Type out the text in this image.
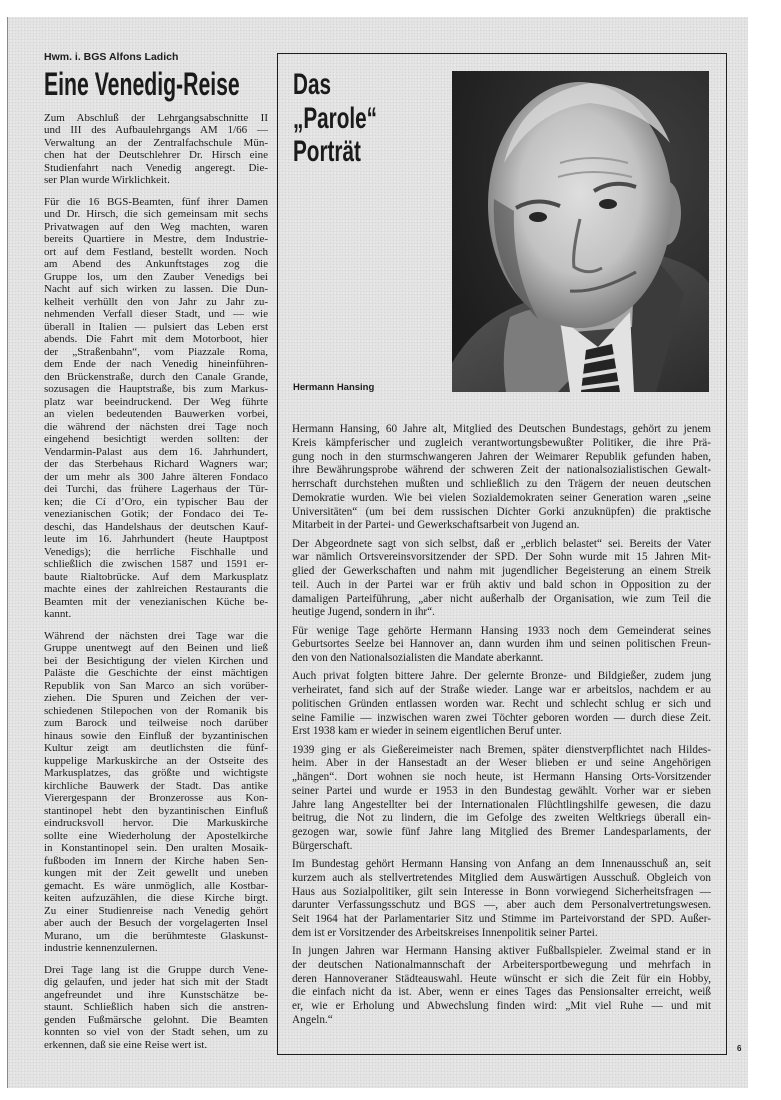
Hwm. i. BGS Alfons Ladich
Eine Venedig-Reise
Zum Abschluß der Lehrgangsabschnitte II
und III des Aufbaulehrgangs AM 1/66 —
Verwaltung an der Zentralfachschule Mün-
chen hat der Deutschlehrer Dr. Hirsch eine
Studienfahrt nach Venedig angeregt. Die-
ser Plan wurde Wirklichkeit.
Für die 16 BGS-Beamten, fünf ihrer Damen
und Dr. Hirsch, die sich gemeinsam mit sechs
Privatwagen auf den Weg machten, waren
bereits Quartiere in Mestre, dem Industrie-
ort auf dem Festland, bestellt worden. Noch
am Abend des Ankunftstages zog die
Gruppe los, um den Zauber Venedigs bei
Nacht auf sich wirken zu lassen. Die Dun-
kelheit verhüllt den von Jahr zu Jahr zu-
nehmenden Verfall dieser Stadt, und — wie
überall in Italien — pulsiert das Leben erst
abends. Die Fahrt mit dem Motorboot, hier
der „Straßenbahn“, vom Piazzale Roma,
dem Ende der nach Venedig hineinführen-
den Brückenstraße, durch den Canale Grande,
sozusagen die Hauptstraße, bis zum Markus-
platz war beeindruckend. Der Weg führte
an vielen bedeutenden Bauwerken vorbei,
die während der nächsten drei Tage noch
eingehend besichtigt werden sollten: der
Vendarmin-Palast aus dem 16. Jahrhundert,
der das Sterbehaus Richard Wagners war;
der um mehr als 300 Jahre älteren Fondaco
dei Turchi, das frühere Lagerhaus der Tür-
ken; die Cí d’Oro, ein typischer Bau der
venezianischen Gotik; der Fondaco dei Te-
deschi, das Handelshaus der deutschen Kauf-
leute im 16. Jahrhundert (heute Hauptpost
Venedigs); die herrliche Fischhalle und
schließlich die zwischen 1587 und 1591 er-
baute Rialtobrücke. Auf dem Markusplatz
machte eines der zahlreichen Restaurants die
Beamten mit der venezianischen Küche be-
kannt.
Während der nächsten drei Tage war die
Gruppe unentwegt auf den Beinen und ließ
bei der Besichtigung der vielen Kirchen und
Paläste die Geschichte der einst mächtigen
Republik von San Marco an sich vorüber-
ziehen. Die Spuren und Zeichen der ver-
schiedenen Stilepochen von der Romanik bis
zum Barock und teilweise noch darüber
hinaus sowie den Einfluß der byzantinischen
Kultur zeigt am deutlichsten die fünf-
kuppelige Markuskirche an der Ostseite des
Markusplatzes, das größte und wichtigste
kirchliche Bauwerk der Stadt. Das antike
Vierergespann der Bronzerosse aus Kon-
stantinopel hebt den byzantinischen Einfluß
eindrucksvoll hervor. Die Markuskirche
sollte eine Wiederholung der Apostelkirche
in Konstantinopel sein. Den uralten Mosaik-
fußboden im Innern der Kirche haben Sen-
kungen mit der Zeit gewellt und uneben
gemacht. Es wäre unmöglich, alle Kostbar-
keiten aufzuzählen, die diese Kirche birgt.
Zu einer Studienreise nach Venedig gehört
aber auch der Besuch der vorgelagerten Insel
Murano, um die berühmteste Glaskunst-
industrie kennenzulernen.
Drei Tage lang ist die Gruppe durch Vene-
dig gelaufen, und jeder hat sich mit der Stadt
angefreundet und ihre Kunstschätze be-
staunt. Schließlich haben sich die anstren-
genden Fußmärsche gelohnt. Die Beamten
konnten so viel von der Stadt sehen, um zu
erkennen, daß sie eine Reise wert ist.
Das
„Parole“
Porträt
Hermann Hansing
Hermann Hansing, 60 Jahre alt, Mitglied des Deutschen Bundestags, gehört zu jenem
Kreis kämpferischer und zugleich verantwortungsbewußter Politiker, die ihre Prä-
gung noch in den sturmschwangeren Jahren der Weimarer Republik gefunden haben,
ihre Bewährungsprobe während der schweren Zeit der nationalsozialistischen Gewalt-
herrschaft durchstehen mußten und schließlich zu den Trägern der neuen deutschen
Demokratie wurden. Wie bei vielen Sozialdemokraten seiner Generation waren „seine
Universitäten“ (um bei dem russischen Dichter Gorki anzuknüpfen) die praktische
Mitarbeit in der Partei- und Gewerkschaftsarbeit von Jugend an.
Der Abgeordnete sagt von sich selbst, daß er „erblich belastet“ sei. Bereits der Vater
war nämlich Ortsvereinsvorsitzender der SPD. Der Sohn wurde mit 15 Jahren Mit-
glied der Gewerkschaften und nahm mit jugendlicher Begeisterung an einem Streik
teil. Auch in der Partei war er früh aktiv und bald schon in Opposition zu der
damaligen Parteiführung, „aber nicht außerhalb der Organisation, wie zum Teil die
heutige Jugend, sondern in ihr“.
Für wenige Tage gehörte Hermann Hansing 1933 noch dem Gemeinderat seines
Geburtsortes Seelze bei Hannover an, dann wurden ihm und seinen politischen Freun-
den von den Nationalsozialisten die Mandate aberkannt.
Auch privat folgten bittere Jahre. Der gelernte Bronze- und Bildgießer, zudem jung
verheiratet, fand sich auf der Straße wieder. Lange war er arbeitslos, nachdem er au
politischen Gründen entlassen worden war. Recht und schlecht schlug er sich und
seine Familie — inzwischen waren zwei Töchter geboren worden — durch diese Zeit.
Erst 1938 kam er wieder in seinem eigentlichen Beruf unter.
1939 ging er als Gießereimeister nach Bremen, später dienstverpflichtet nach Hildes-
heim. Aber in der Hansestadt an der Weser blieben er und seine Angehörigen
„hängen“. Dort wohnen sie noch heute, ist Hermann Hansing Orts-Vorsitzender
seiner Partei und wurde er 1953 in den Bundestag gewählt. Vorher war er sieben
Jahre lang Angestellter bei der Internationalen Flüchtlingshilfe gewesen, die dazu
beitrug, die Not zu lindern, die im Gefolge des zweiten Weltkriegs überall ein-
gezogen war, sowie fünf Jahre lang Mitglied des Bremer Landesparlaments, der
Bürgerschaft.
Im Bundestag gehört Hermann Hansing von Anfang an dem Innenausschuß an, seit
kurzem auch als stellvertretendes Mitglied dem Auswärtigen Ausschuß. Obgleich von
Haus aus Sozialpolitiker, gilt sein Interesse in Bonn vorwiegend Sicherheitsfragen —
darunter Verfassungsschutz und BGS —, aber auch dem Personalvertretungswesen.
Seit 1964 hat der Parlamentarier Sitz und Stimme im Parteivorstand der SPD. Außer-
dem ist er Vorsitzender des Arbeitskreises Innenpolitik seiner Partei.
In jungen Jahren war Hermann Hansing aktiver Fußballspieler. Zweimal stand er in
der deutschen Nationalmannschaft der Arbeitersportbewegung und mehrfach in
deren Hannoveraner Städteauswahl. Heute wünscht er sich die Zeit für ein Hobby,
die einfach nicht da ist. Aber, wenn er eines Tages das Pensionsalter erreicht, weiß
er, wie er Erholung und Abwechslung finden wird: „Mit viel Ruhe — und mit
Angeln.“
6
